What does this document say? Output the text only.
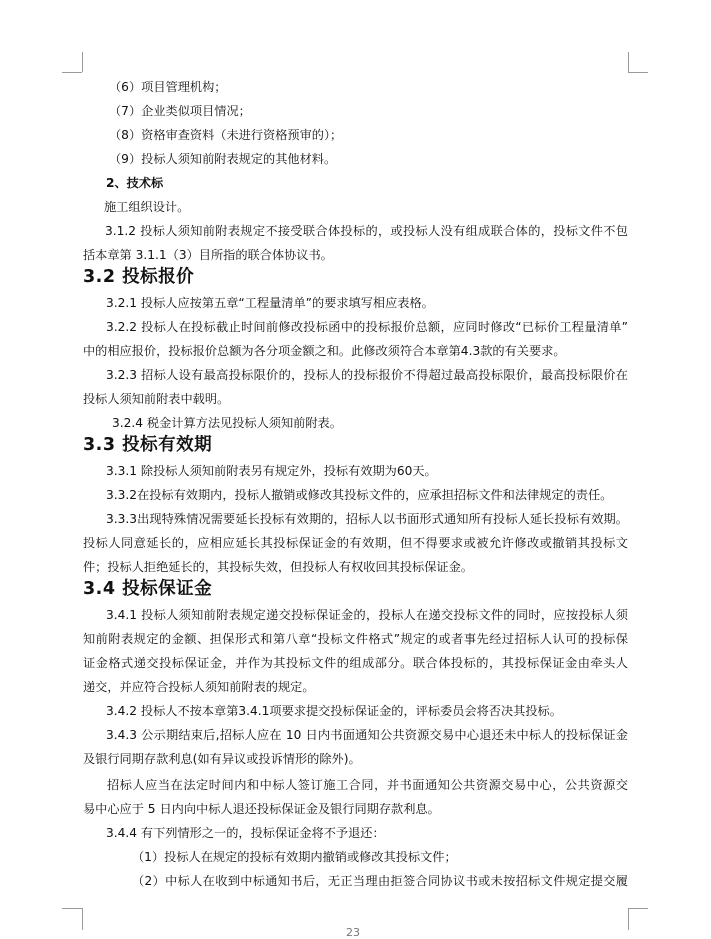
（6）项目管理机构；
（7）企业类似项目情况；
（8）资格审查资料（未进行资格预审的）；
（9）投标人须知前附表规定的其他材料。
2、技术标
施工组织设计。
3.1.2 投标人须知前附表规定不接受联合体投标的，或投标人没有组成联合体的，投标文件不包
括本章第 3.1.1（3）目所指的联合体协议书。
3.2 投标报价
3.2.1 投标人应按第五章“工程量清单”的要求填写相应表格。
3.2.2 投标人在投标截止时间前修改投标函中的投标报价总额，应同时修改“已标价工程量清单”
中的相应报价，投标报价总额为各分项金额之和。此修改须符合本章第4.3款的有关要求。
3.2.3 招标人设有最高投标限价的，投标人的投标报价不得超过最高投标限价，最高投标限价在
投标人须知前附表中载明。
3.2.4 税金计算方法见投标人须知前附表。
3.3 投标有效期
3.3.1 除投标人须知前附表另有规定外，投标有效期为60天。
3.3.2在投标有效期内，投标人撤销或修改其投标文件的，应承担招标文件和法律规定的责任。
3.3.3出现特殊情况需要延长投标有效期的，招标人以书面形式通知所有投标人延长投标有效期。
投标人同意延长的，应相应延长其投标保证金的有效期，但不得要求或被允许修改或撤销其投标文
件；投标人拒绝延长的，其投标失效，但投标人有权收回其投标保证金。
3.4 投标保证金
3.4.1 投标人须知前附表规定递交投标保证金的，投标人在递交投标文件的同时，应按投标人须
知前附表规定的金额、担保形式和第八章“投标文件格式”规定的或者事先经过招标人认可的投标保
证金格式递交投标保证金，并作为其投标文件的组成部分。联合体投标的，其投标保证金由牵头人
递交，并应符合投标人须知前附表的规定。
3.4.2 投标人不按本章第3.4.1项要求提交投标保证金的，评标委员会将否决其投标。
3.4.3 公示期结束后,招标人应在 10 日内书面通知公共资源交易中心退还未中标人的投标保证金
及银行同期存款利息(如有异议或投诉情形的除外)。
招标人应当在法定时间内和中标人签订施工合同，并书面通知公共资源交易中心，公共资源交
易中心应于 5 日内向中标人退还投标保证金及银行同期存款利息。
3.4.4 有下列情形之一的，投标保证金将不予退还：
（1）投标人在规定的投标有效期内撤销或修改其投标文件；
（2）中标人在收到中标通知书后，无正当理由拒签合同协议书或未按招标文件规定提交履
23
